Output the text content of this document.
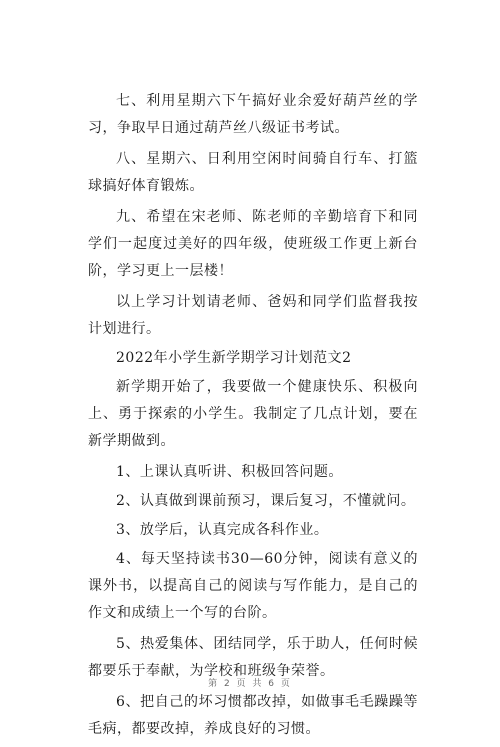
七、利用星期六下午搞好业余爱好葫芦丝的学习，争取早日通过葫芦丝八级证书考试。

八、星期六、日利用空闲时间骑自行车、打篮球搞好体育锻炼。

九、希望在宋老师、陈老师的辛勤培育下和同学们一起度过美好的四年级，使班级工作更上新台阶，学习更上一层楼！

以上学习计划请老师、爸妈和同学们监督我按计划进行。

2022年小学生新学期学习计划范文2

新学期开始了，我要做一个健康快乐、积极向上、勇于探索的小学生。我制定了几点计划，要在新学期做到。

1、上课认真听讲、积极回答问题。

2、认真做到课前预习，课后复习，不懂就问。

3、放学后，认真完成各科作业。

4、每天坚持读书30—60分钟，阅读有意义的课外书，以提高自己的阅读与写作能力，是自己的作文和成绩上一个写的台阶。

5、热爱集体、团结同学，乐于助人，任何时候都要乐于奉献，为学校和班级争荣誉。

6、把自己的坏习惯都改掉，如做事毛毛躁躁等毛病，都要改掉，养成良好的习惯。

第 2 页 共 6 页
